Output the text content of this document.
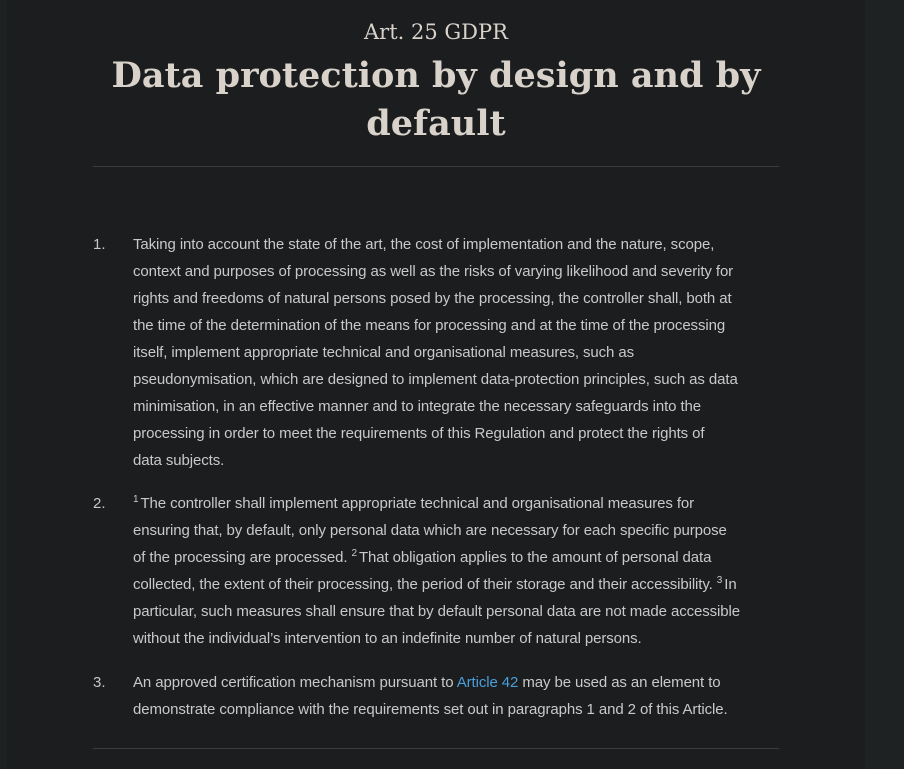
Art. 25 GDPR
Data protection by design and by
default
1.	Taking into account the state of the art, the cost of implementation and the nature, scope,
context and purposes of processing as well as the risks of varying likelihood and severity for
rights and freedoms of natural persons posed by the processing, the controller shall, both at
the time of the determination of the means for processing and at the time of the processing
itself, implement appropriate technical and organisational measures, such as
pseudonymisation, which are designed to implement data-protection principles, such as data
minimisation, in an effective manner and to integrate the necessary safeguards into the
processing in order to meet the requirements of this Regulation and protect the rights of
data subjects.
2.	$^1$ The controller shall implement appropriate technical and organisational measures for
ensuring that, by default, only personal data which are necessary for each specific purpose
of the processing are processed. $^2$ That obligation applies to the amount of personal data
collected, the extent of their processing, the period of their storage and their accessibility. $^3$ In
particular, such measures shall ensure that by default personal data are not made accessible
without the individual’s intervention to an indefinite number of natural persons.
3.	An approved certification mechanism pursuant to Article 42 may be used as an element to
demonstrate compliance with the requirements set out in paragraphs 1 and 2 of this Article.
